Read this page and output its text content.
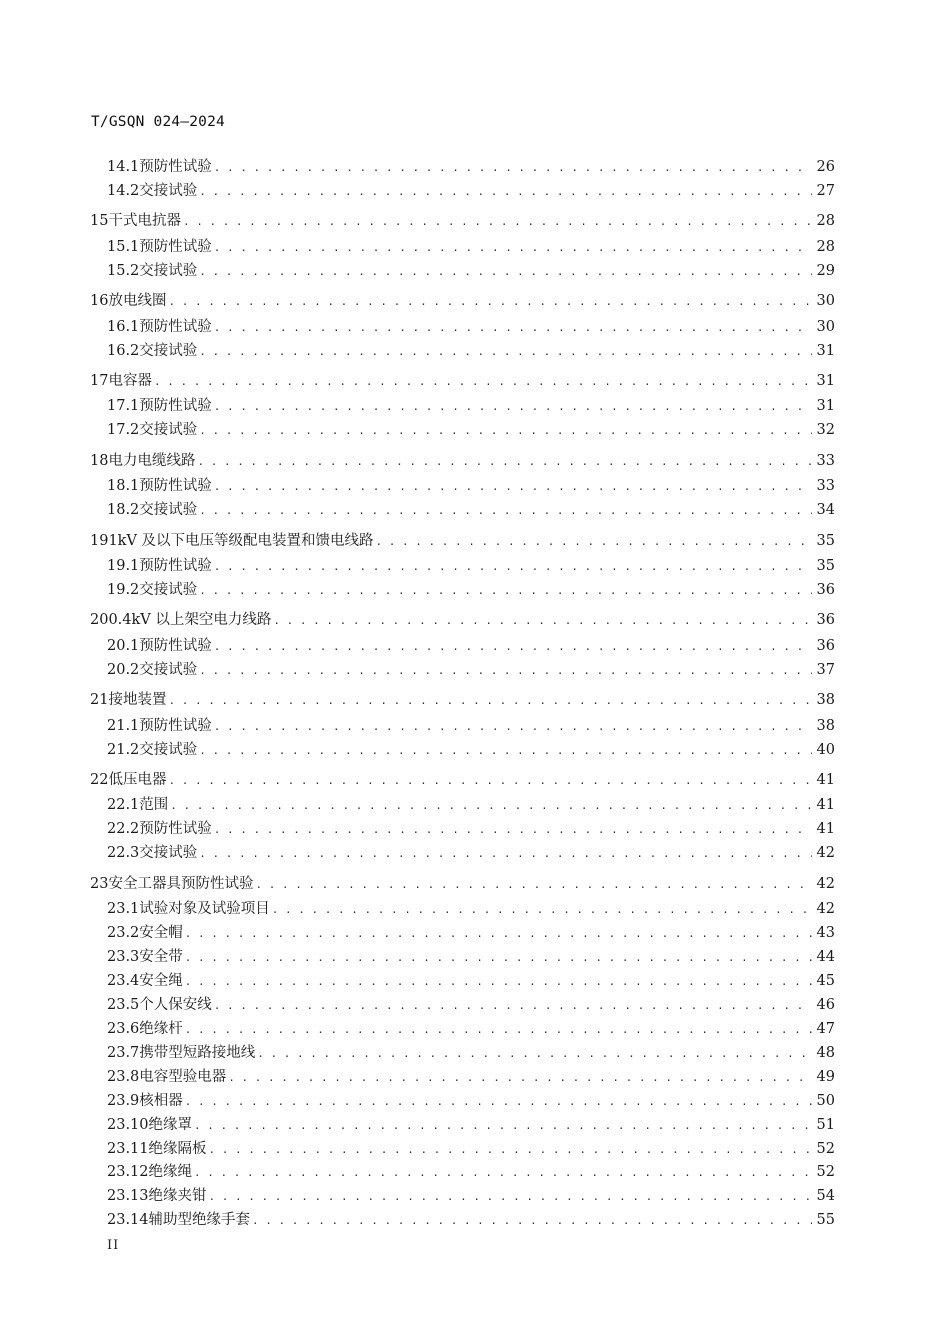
T/GSQN 024—2024
14.1 预防性试验 . . .	26
14.2 交接试验 . . .	27
15 干式电抗器 . . .	28
15.1 预防性试验 . . .	28
15.2 交接试验 . . .	29
16 放电线圈 . . .	30
16.1 预防性试验 . . .	30
16.2 交接试验 . . .	31
17 电容器 . . .	31
17.1 预防性试验 . . .	31
17.2 交接试验 . . .	32
18 电力电缆线路 . . .	33
18.1 预防性试验 . . .	33
18.2 交接试验 . . .	34
19 1kV 及以下电压等级配电装置和馈电线路 . . .	35
19.1 预防性试验 . . .	35
19.2 交接试验 . . .	36
20 0.4kV 以上架空电力线路 . . .	36
20.1 预防性试验 . . .	36
20.2 交接试验 . . .	37
21 接地装置 . . .	38
21.1 预防性试验 . . .	38
21.2 交接试验 . . .	40
22 低压电器 . . .	41
22.1 范围 . . .	41
22.2 预防性试验 . . .	41
22.3 交接试验 . . .	42
23 安全工器具预防性试验 . . .	42
23.1 试验对象及试验项目 . . .	42
23.2 安全帽 . . .	43
23.3 安全带 . . .	44
23.4 安全绳 . . .	45
23.5 个人保安线 . . .	46
23.6 绝缘杆 . . .	47
23.7 携带型短路接地线 . . .	48
23.8 电容型验电器 . . .	49
23.9 核相器 . . .	50
23.10 绝缘罩 . . .	51
23.11 绝缘隔板 . . .	52
23.12 绝缘绳 . . .	52
23.13 绝缘夹钳 . . .	54
23.14 辅助型绝缘手套 . . .	55
II
